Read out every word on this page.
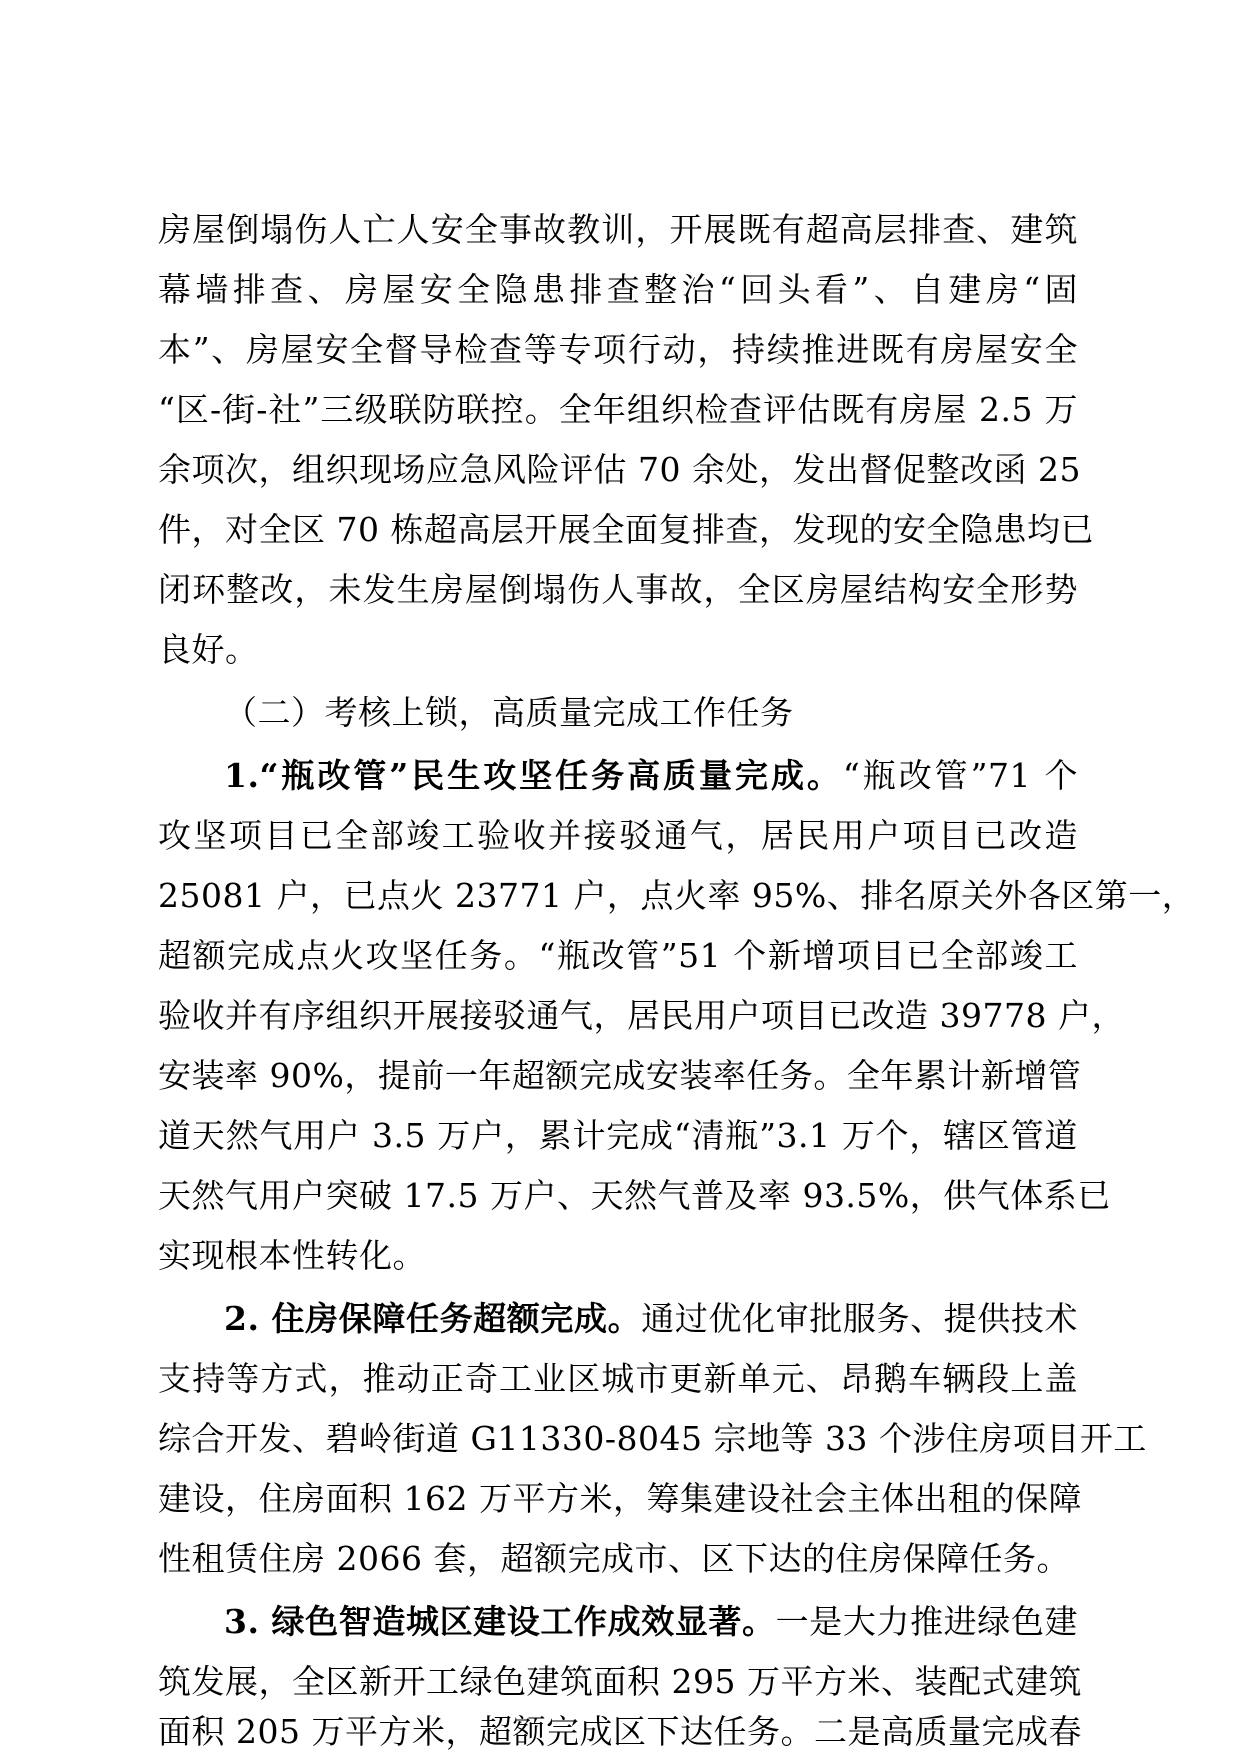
房屋倒塌伤人亡人安全事故教训，开展既有超高层排查、建筑
幕墙排查、房屋安全隐患排查整治“回头看”、自建房“固
本”、房屋安全督导检查等专项行动，持续推进既有房屋安全
“区-街-社”三级联防联控。全年组织检查评估既有房屋 2.5 万
余项次，组织现场应急风险评估 70 余处，发出督促整改函 25
件，对全区 70 栋超高层开展全面复排查，发现的安全隐患均已
闭环整改，未发生房屋倒塌伤人事故，全区房屋结构安全形势
良好。
（二）考核上锁，高质量完成工作任务
1.“瓶改管”民生攻坚任务高质量完成。“瓶改管”71 个
攻坚项目已全部竣工验收并接驳通气，居民用户项目已改造
25081 户，已点火 23771 户，点火率 95%、排名原关外各区第一，
超额完成点火攻坚任务。“瓶改管”51 个新增项目已全部竣工
验收并有序组织开展接驳通气，居民用户项目已改造 39778 户，
安装率 90%，提前一年超额完成安装率任务。全年累计新增管
道天然气用户 3.5 万户，累计完成“清瓶”3.1 万个，辖区管道
天然气用户突破 17.5 万户、天然气普及率 93.5%，供气体系已
实现根本性转化。
2. 住房保障任务超额完成。通过优化审批服务、提供技术
支持等方式，推动正奇工业区城市更新单元、昂鹅车辆段上盖
综合开发、碧岭街道 G11330-8045 宗地等 33 个涉住房项目开工
建设，住房面积 162 万平方米，筹集建设社会主体出租的保障
性租赁住房 2066 套，超额完成市、区下达的住房保障任务。
3. 绿色智造城区建设工作成效显著。一是大力推进绿色建
筑发展，全区新开工绿色建筑面积 295 万平方米、装配式建筑
面积 205 万平方米，超额完成区下达任务。二是高质量完成春
